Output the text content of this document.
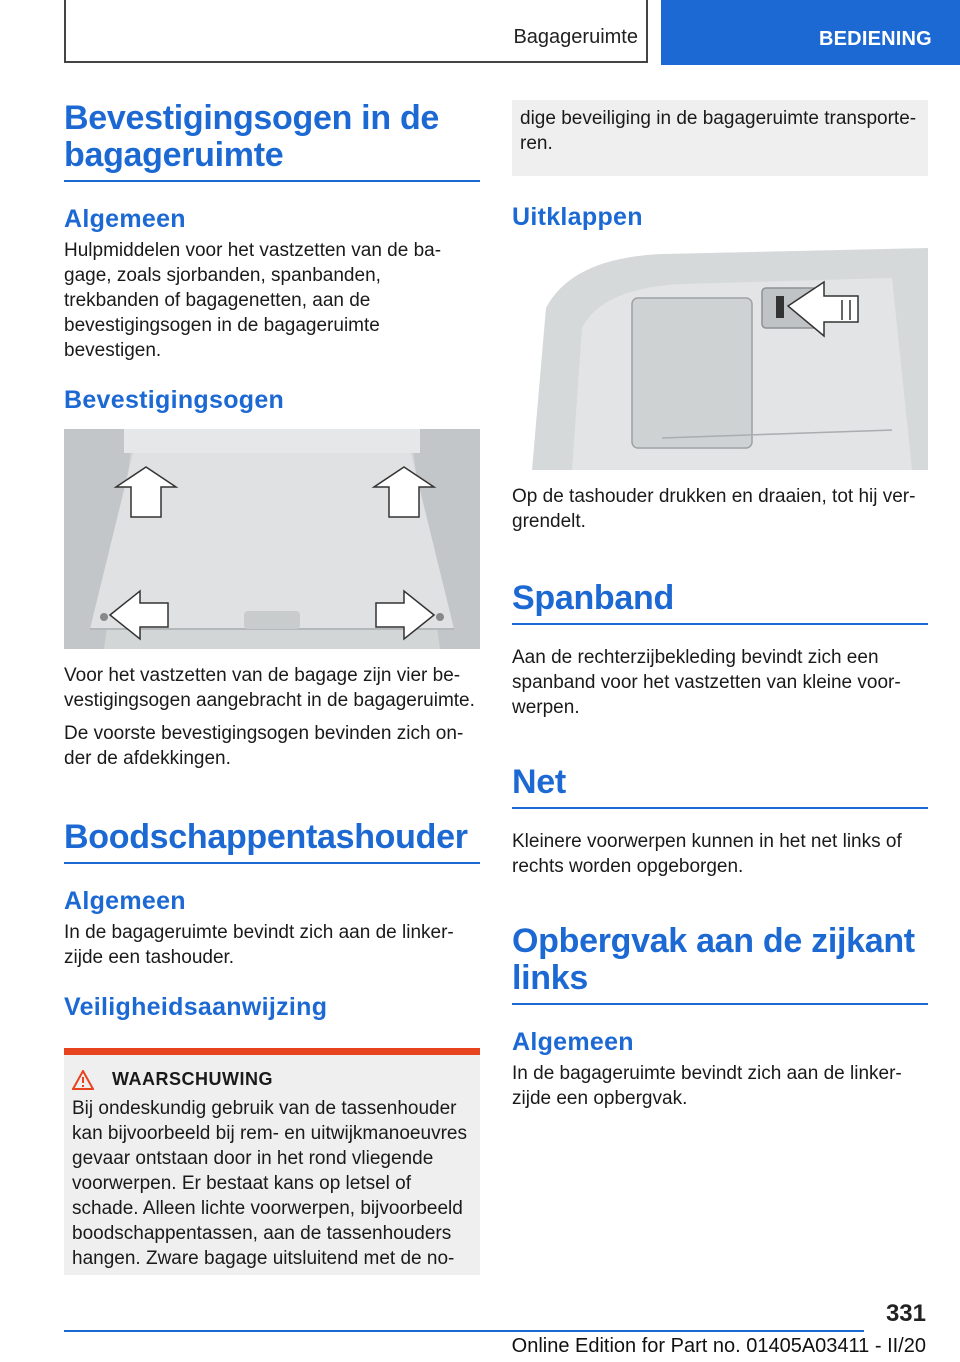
Bagageruimte	BEDIENING
Bevestigingsogen in de bagageruimte
Algemeen

Hulpmiddelen voor het vastzetten van de bagage, zoals sjorbanden, spanbanden, trekbanden of bagagenetten, aan de bevestigingsogen in de bagageruimte bevestigen.

Bevestigingsogen

Voor het vastzetten van de bagage zijn vier bevestigingsogen aangebracht in de bagageruimte.

De voorste bevestigingsogen bevinden zich onder de afdekkingen.

Boodschappentashouder
Algemeen

In de bagageruimte bevindt zich aan de linkerzijde een tashouder.

Veiligheidsaanwijzing
WAARSCHUWING

Bij ondeskundig gebruik van de tassenhouder kan bijvoorbeeld bij rem- en uitwijkmanoeuvres gevaar ontstaan door in het rond vliegende voorwerpen. Er bestaat kans op letsel of schade. Alleen lichte voorwerpen, bijvoorbeeld boodschappentassen, aan de tassenhouders hangen. Zware bagage uitsluitend met de no-

dige beveiliging in de bagageruimte transporteren.

Uitklappen

Op de tashouder drukken en draaien, tot hij vergrendelt.

Spanband

Aan de rechterzijbekleding bevindt zich een spanband voor het vastzetten van kleine voorwerpen.

Net

Kleinere voorwerpen kunnen in het net links of rechts worden opgeborgen.

Opbergvak aan de zijkant links
Algemeen

In de bagageruimte bevindt zich aan de linkerzijde een opbergvak.

331
Online Edition for Part no. 01405A03411 - II/20
